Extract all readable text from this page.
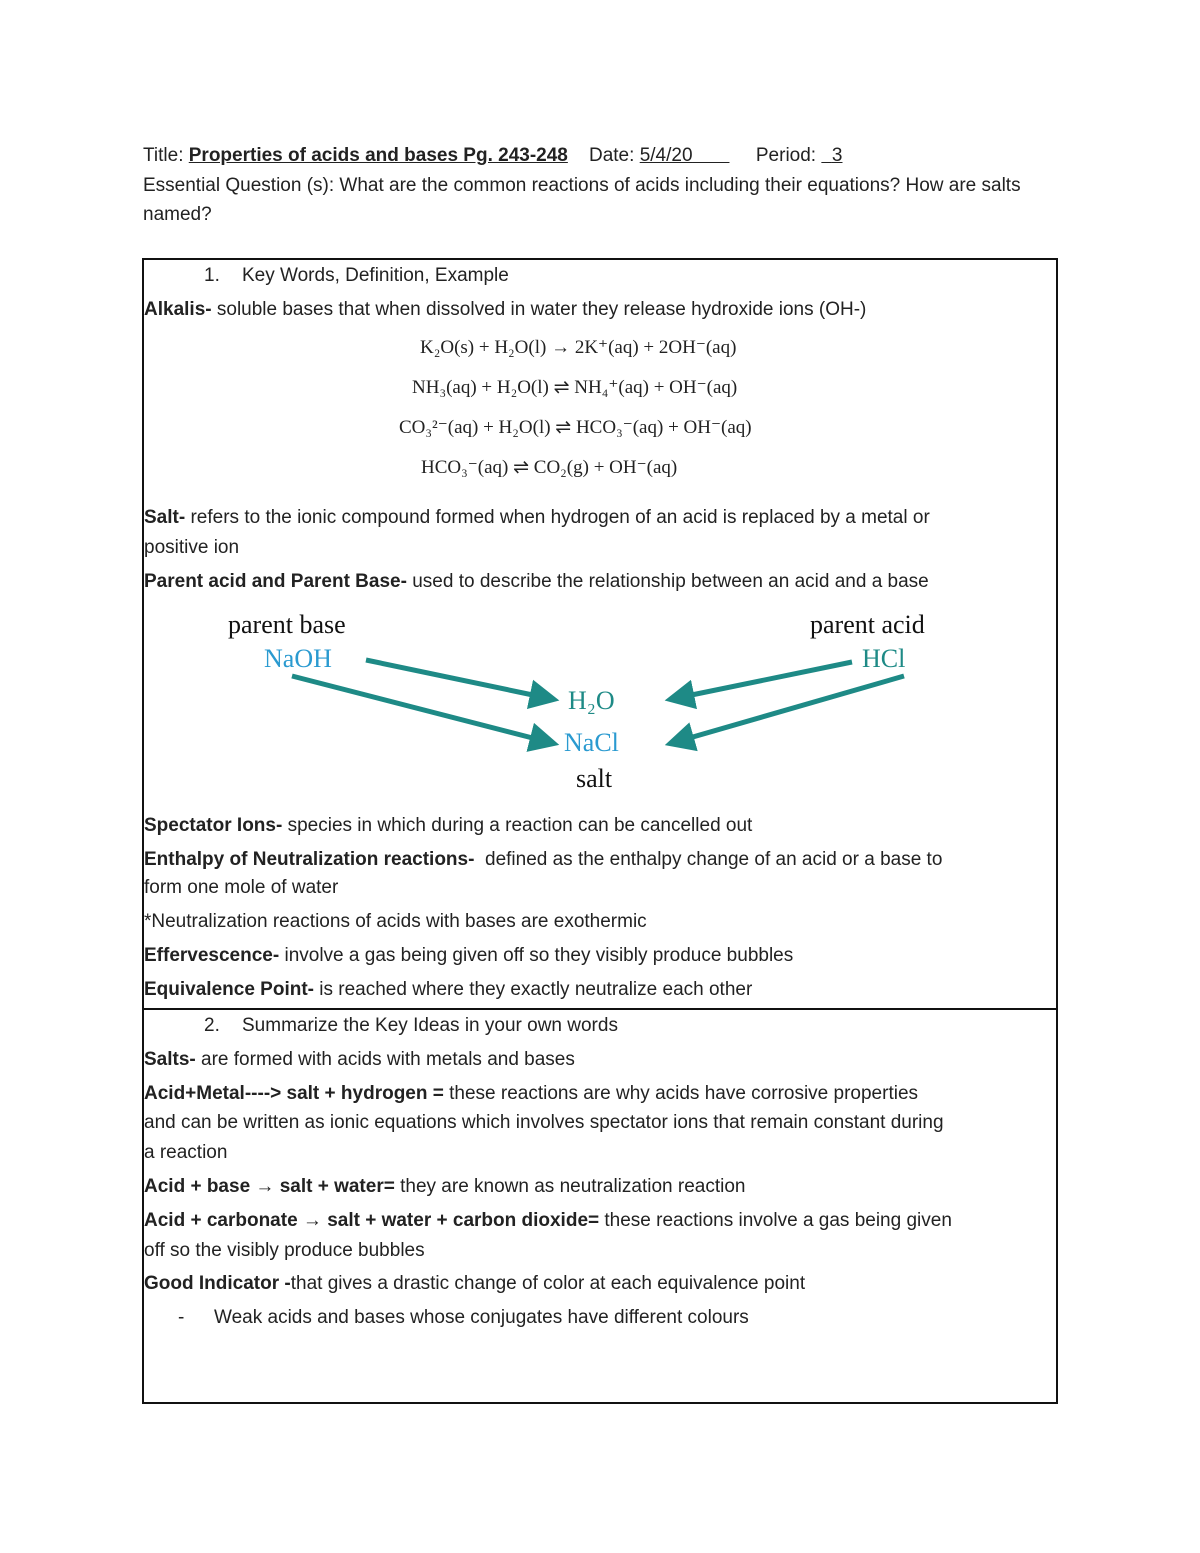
Title: Properties of acids and bases Pg. 243-248 Date: 5/4/20	Period: 3
Essential Question (s): What are the common reactions of acids including their equations? How are salts named?
1. Key Words, Definition, Example
Alkalis- soluble bases that when dissolved in water they release hydroxide ions (OH-)
K₂O(s) + H₂O(l) → 2K⁺(aq) + 2OH⁻(aq)
NH₃(aq) + H₂O(l) ⇌ NH₄⁺(aq) + OH⁻(aq)
CO₃²⁻(aq) + H₂O(l) ⇌ HCO₃⁻(aq) + OH⁻(aq)
HCO₃⁻(aq) ⇌ CO₂(g) + OH⁻(aq)
Salt- refers to the ionic compound formed when hydrogen of an acid is replaced by a metal or
positive ion
Parent acid and Parent Base- used to describe the relationship between an acid and a base
parent base	parent acid
NaOH	HCl
H₂O
NaCl
salt
Spectator Ions- species in which during a reaction can be cancelled out
Enthalpy of Neutralization reactions- defined as the enthalpy change of an acid or a base to
form one mole of water
*Neutralization reactions of acids with bases are exothermic
Effervescence- involve a gas being given off so they visibly produce bubbles
Equivalence Point- is reached where they exactly neutralize each other
2. Summarize the Key Ideas in your own words
Salts- are formed with acids with metals and bases
Acid+Metal----> salt + hydrogen = these reactions are why acids have corrosive properties
and can be written as ionic equations which involves spectator ions that remain constant during
a reaction
Acid + base → salt + water= they are known as neutralization reaction
Acid + carbonate → salt + water + carbon dioxide= these reactions involve a gas being given
off so the visibly produce bubbles
Good Indicator -that gives a drastic change of color at each equivalence point
- Weak acids and bases whose conjugates have different colours
